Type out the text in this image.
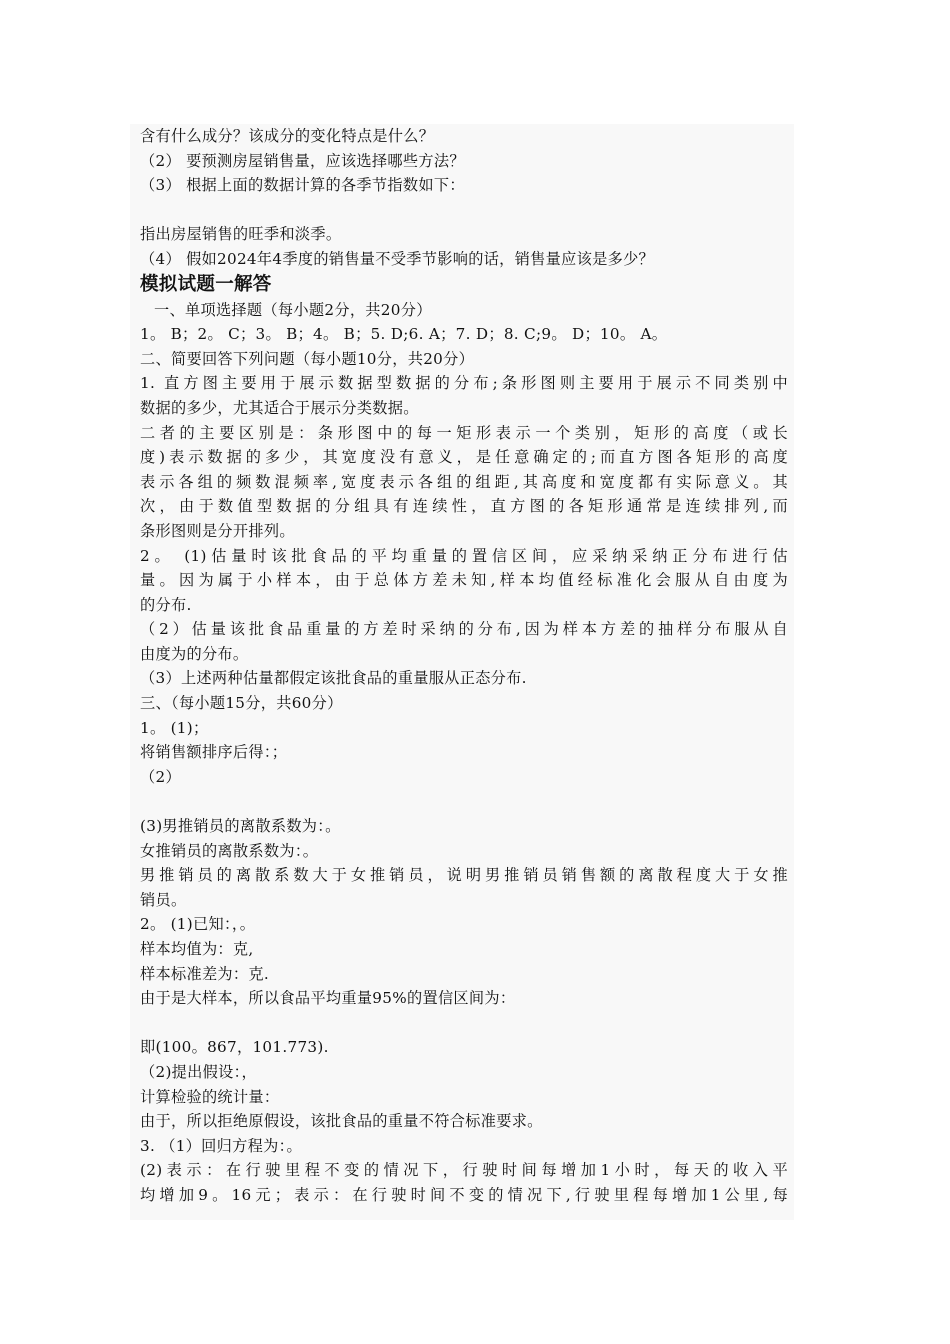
含有什么成分？该成分的变化特点是什么？
（2） 要预测房屋销售量，应该选择哪些方法？
（3） 根据上面的数据计算的各季节指数如下：
指出房屋销售的旺季和淡季。
（4） 假如2024年4季度的销售量不受季节影响的话，销售量应该是多少？
模拟试题一解答
一、单项选择题（每小题2分，共20分）
1。 B；2。 C；3。 B；4。 B；5. D;6. A；7. D；8. C;9。 D；10。 A。
二、简要回答下列问题（每小题10分，共20分）
1. 直方图主要用于展示数据型数据的分布;条形图则主要用于展示不同类别中
数据的多少，尤其适合于展示分类数据。
二者的主要区别是：条形图中的每一矩形表示一个类别，矩形的高度（或长
度)表示数据的多少，其宽度没有意义，是任意确定的;而直方图各矩形的高度
表示各组的频数混频率,宽度表示各组的组距,其高度和宽度都有实际意义。其
次，由于数值型数据的分组具有连续性，直方图的各矩形通常是连续排列,而
条形图则是分开排列。
2。 (1)估量时该批食品的平均重量的置信区间，应采纳采纳正分布进行估
量。因为属于小样本，由于总体方差未知,样本均值经标准化会服从自由度为
的分布.
（2）估量该批食品重量的方差时采纳的分布,因为样本方差的抽样分布服从自
由度为的分布。
（3）上述两种估量都假定该批食品的重量服从正态分布.
三、（每小题15分，共60分）
1。 (1)；
将销售额排序后得：；
（2）
(3)男推销员的离散系数为：。
女推销员的离散系数为：。
男推销员的离散系数大于女推销员，说明男推销员销售额的离散程度大于女推
销员。
2。 (1)已知：，。
样本均值为：克,
样本标准差为：克.
由于是大样本，所以食品平均重量95%的置信区间为：
即(100。867，101.773).
（2)提出假设：，
计算检验的统计量：
由于，所以拒绝原假设，该批食品的重量不符合标准要求。
3. （1）回归方程为：。
(2)表示：在行驶里程不变的情况下，行驶时间每增加1小时，每天的收入平
均增加9。16元；表示：在行驶时间不变的情况下,行驶里程每增加1公里,每
